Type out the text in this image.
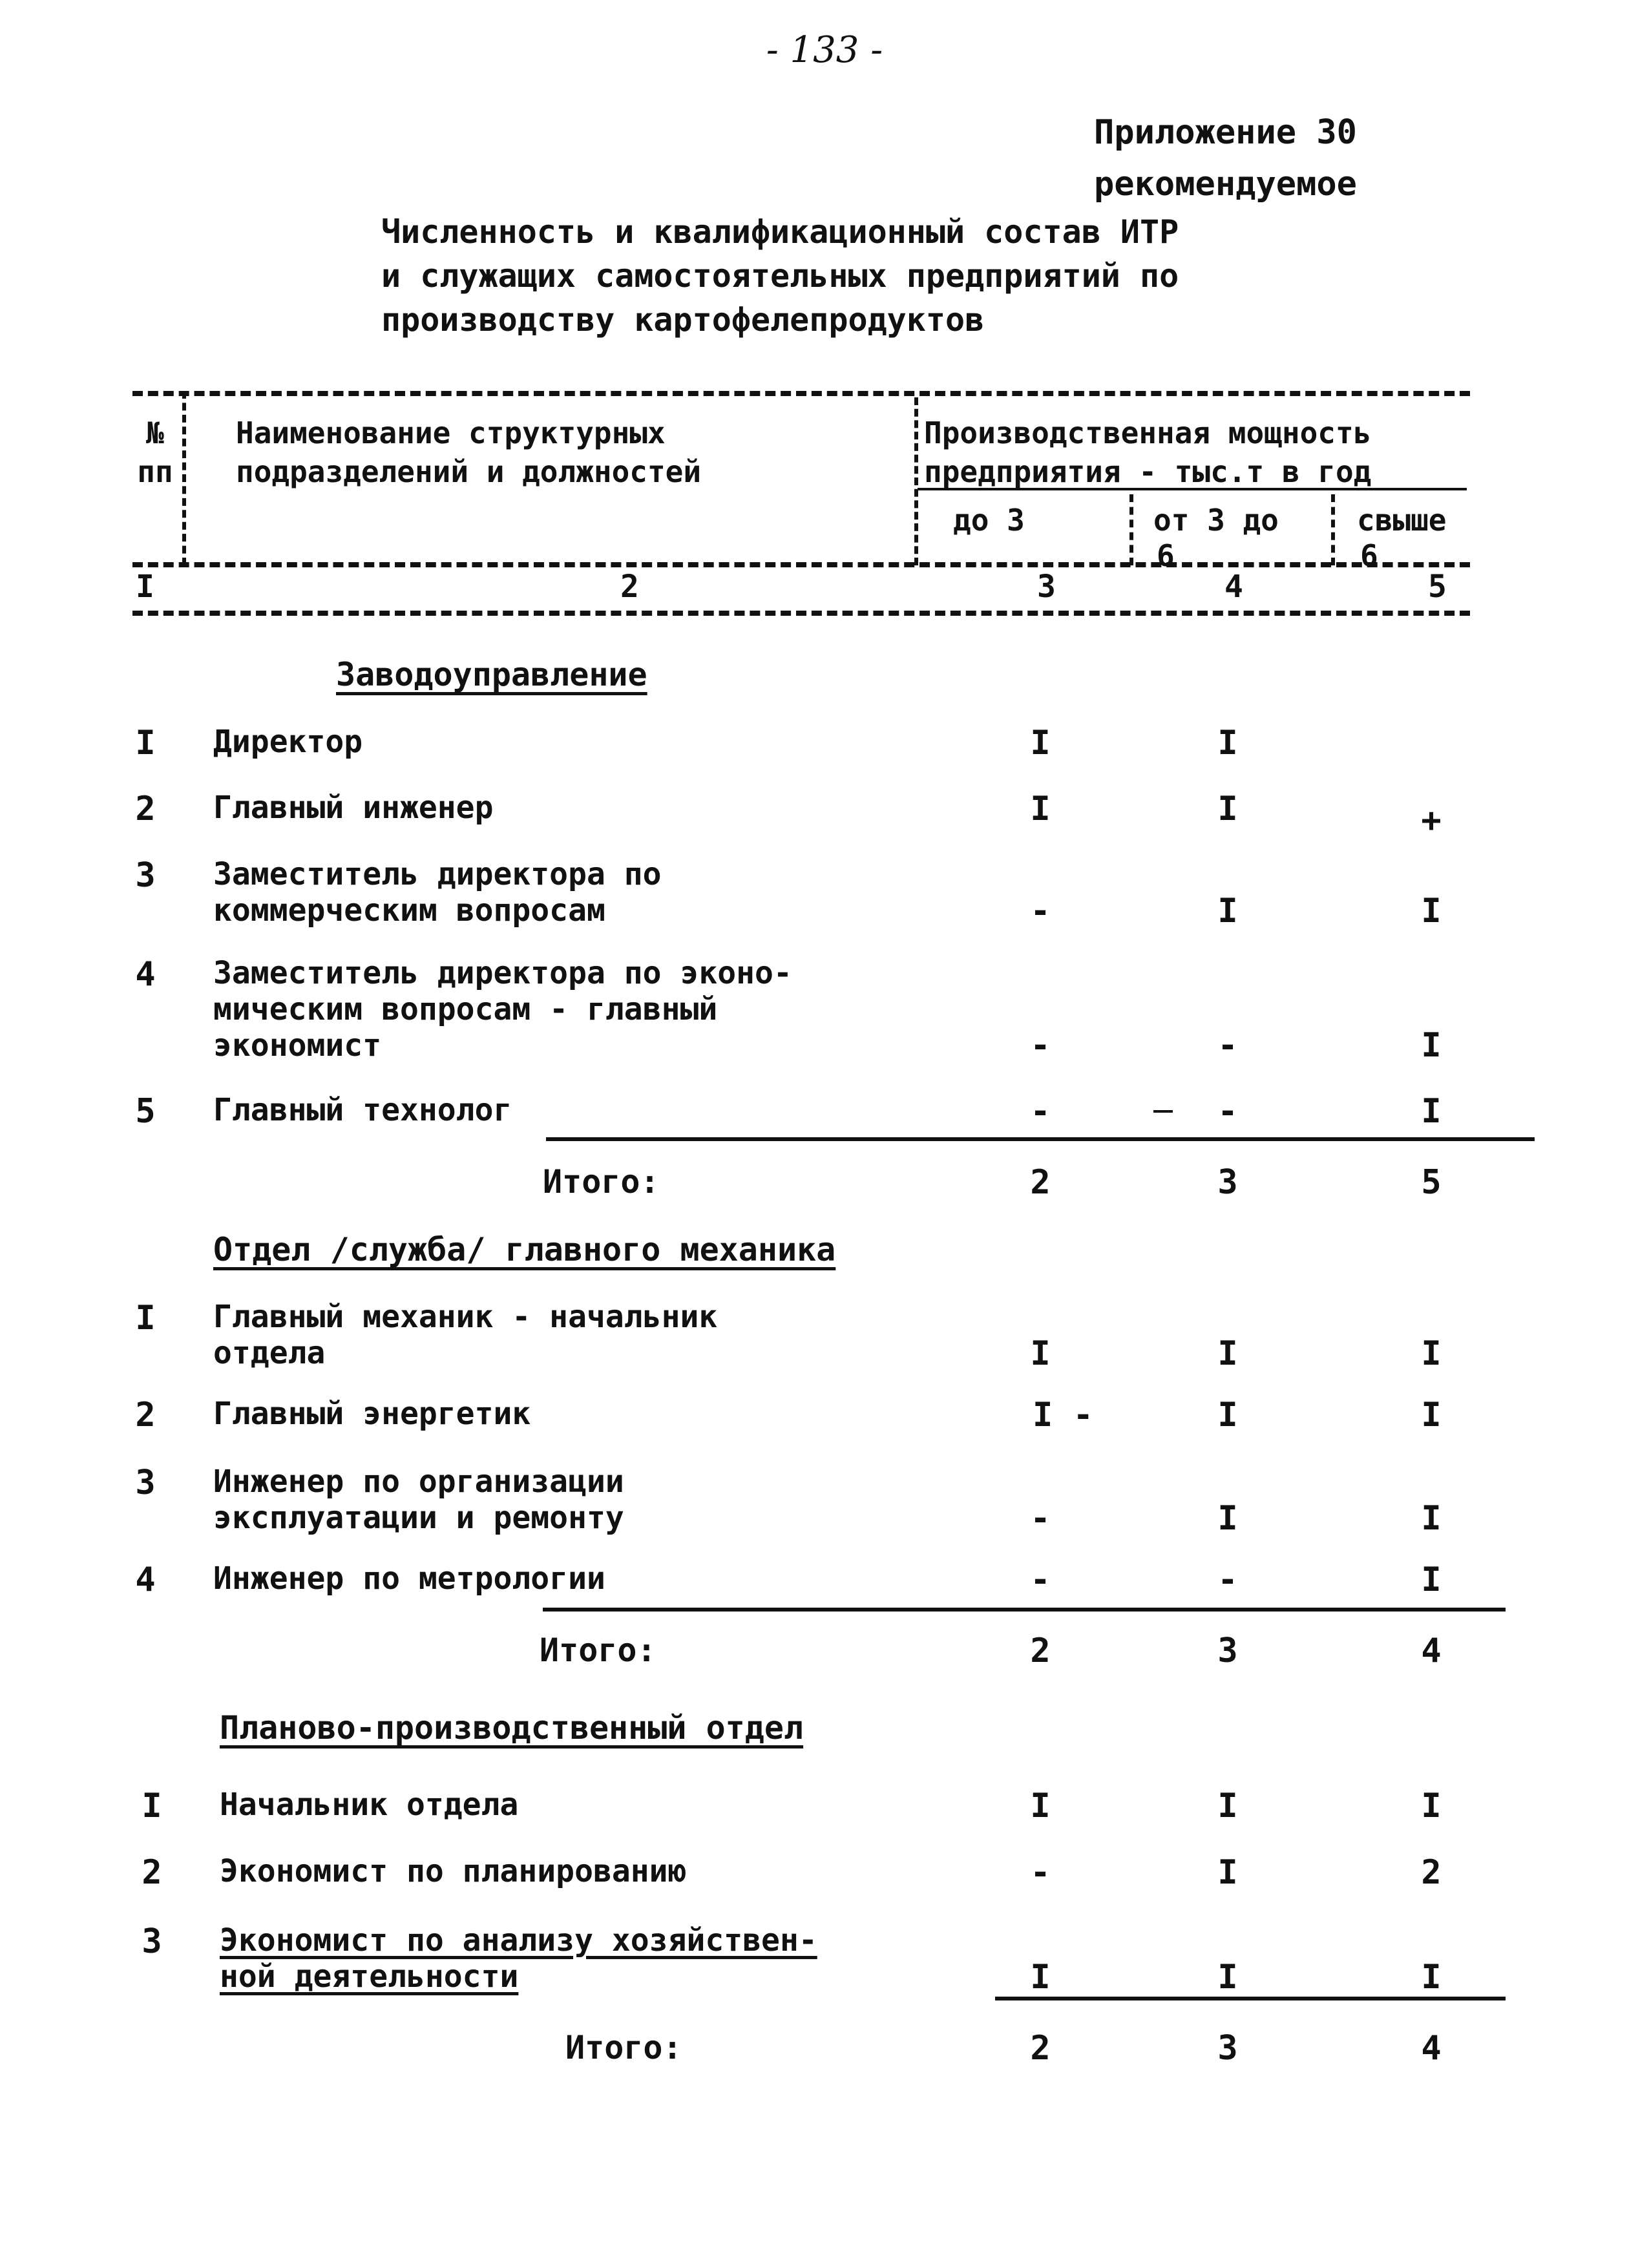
- 133 -
Приложение 30
рекомендуемое
Численность и квалификационный состав ИТР
и служащих самостоятельных предприятий по
производству картофелепродуктов
№
пп
Наименование структурных
подразделений и должностей
Производственная мощность
предприятия - тыс.т в год
до 3	от 3 до
6
свыше
6
I	2	3	4	5
Заводоуправление
I Директор	I	I
2 Главный инженер	I	I	+
3 Заместитель директора по
коммерческим вопросам	-	I	I
4 Заместитель директора по эконо-
мическим вопросам - главный
экономист	-	-	I
5 Главный технолог	-	-	I
Итого:	2	3	5
Отдел /служба/ главного механика
I Главный механик - начальник
отдела	I	I	I
2 Главный энергетик	I -	I	I
3 Инженер по организации
эксплуатации и ремонту	-	I	I
4 Инженер по метрологии	-	-	I
Итого:	2	3	4
Планово-производственный отдел
I Начальник отдела	I	I	I
2 Экономист по планированию	-	I	2
3 Экономист по анализу хозяйствен-
ной деятельности	I	I	I
Итого:	2	3	4
